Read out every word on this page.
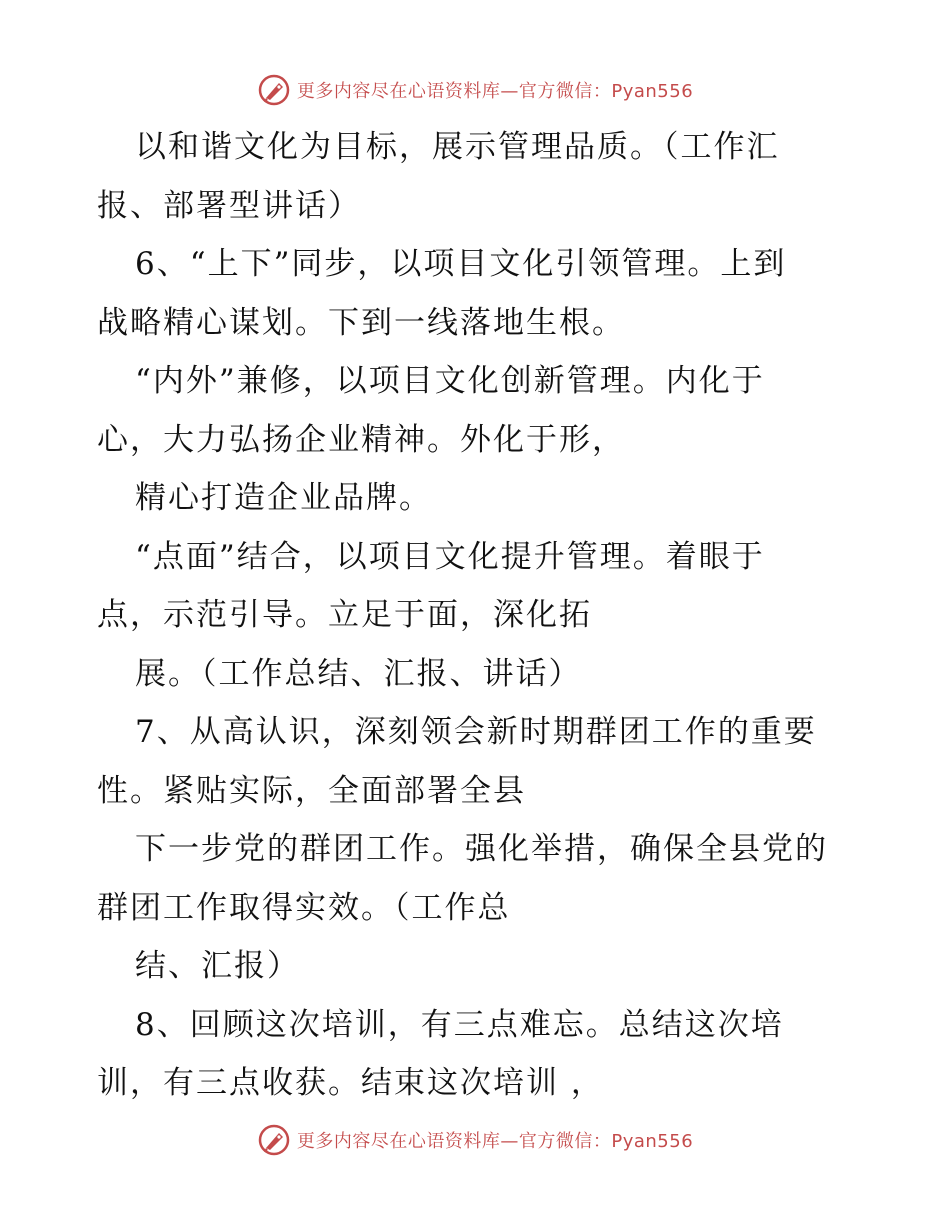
更多内容尽在心语资料库—官方微信：Pyan556
以和谐文化为目标，展示管理品质。（工作汇
报、部署型讲话）
6、“上下”同步，以项目文化引领管理。上到
战略精心谋划。下到一线落地生根。
“内外”兼修，以项目文化创新管理。内化于
心，大力弘扬企业精神。外化于形，
精心打造企业品牌。
“点面”结合，以项目文化提升管理。着眼于
点，示范引导。立足于面，深化拓
展。（工作总结、汇报、讲话）
7、从高认识，深刻领会新时期群团工作的重要
性。紧贴实际，全面部署全县
下一步党的群团工作。强化举措，确保全县党的
群团工作取得实效。（工作总
结、汇报）
8、回顾这次培训，有三点难忘。总结这次培
训，有三点收获。结束这次培训 ，
更多内容尽在心语资料库—官方微信：Pyan556
